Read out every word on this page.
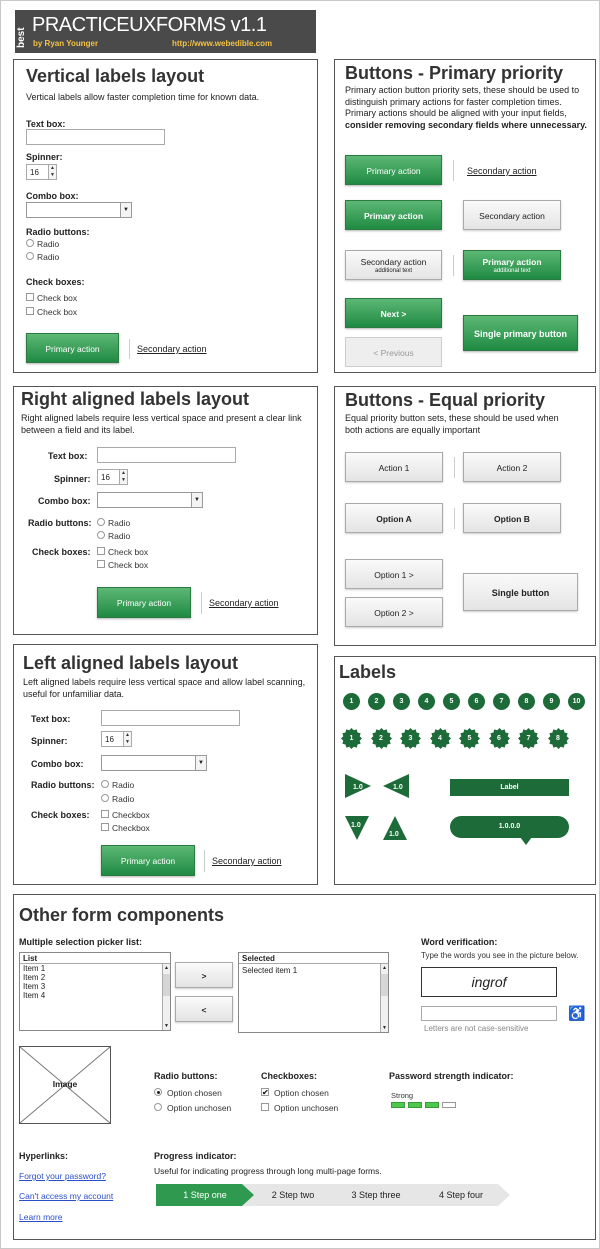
best
PRACTICEUXFORMS v1.1
by Ryan Younger	http://www.webedible.com
Vertical labels layout
Vertical labels allow faster completion time for known data.
Text box:
Spinner:
16	▲
▼
Combo box:
▼
Radio buttons:
Radio
Radio
Check boxes:
Check box
Check box
Primary action	Secondary action
Right aligned labels layout
Right aligned labels require less vertical space and present a clear link between a field and its label.
Text box:
Spinner:	16	▲
▼
Combo box:	▼
Radio buttons: Radio
Radio
Check boxes: Check box
Check box
Primary action	Secondary action
Left aligned labels layout
Left aligned labels require less vertical space and allow label scanning, useful for unfamiliar data.
Text box:
Spinner:	16	▲
▼
Combo box:	▼
Radio buttons: Radio
Radio
Check boxes:	Checkbox
Checkbox
Primary action	Secondary action
Buttons - Primary priority
Primary action button priority sets, these should be used to distinguish primary actions for faster completion times. Primary actions should be aligned with your input fields, consider removing secondary fields where unnecessary.
Primary action	Secondary action
Primary action	Secondary action
Secondary action
additional text
Primary action
additional text
Next >
< Previous
Single primary button
Buttons - Equal priority
Equal priority button sets, these should be used when both actions are equally important
Action 1	Action 2
Option A	Option B
Option 1 >
Option 2 >
Single button
Labels
1	2	3	4	5	6	7	8	9	10
1	2	3	4	5	6	7	8
1.0	1.0
1.0
1.0
Label
1.0.0.0
Other form components
Multiple selection picker list:
List
Item 1
Item 2
Item 3
Item 4
▲
▼
>
<
Selected
Selected item 1	▲
▼
Word verification:
Type the words you see in the picture below.
ingrof
♿
Letters are not case-sensitive
Image
Radio buttons:
Option chosen
Option unchosen
Checkboxes:
✔ Option chosen
Option unchosen
Password strength indicator:
Strong
Hyperlinks:
Forgot your password?
Can't access my account
Learn more
Progress indicator:
Useful for indicating progress through long multi-page forms.
1 Step one	2 Step two	3 Step three	4 Step four
